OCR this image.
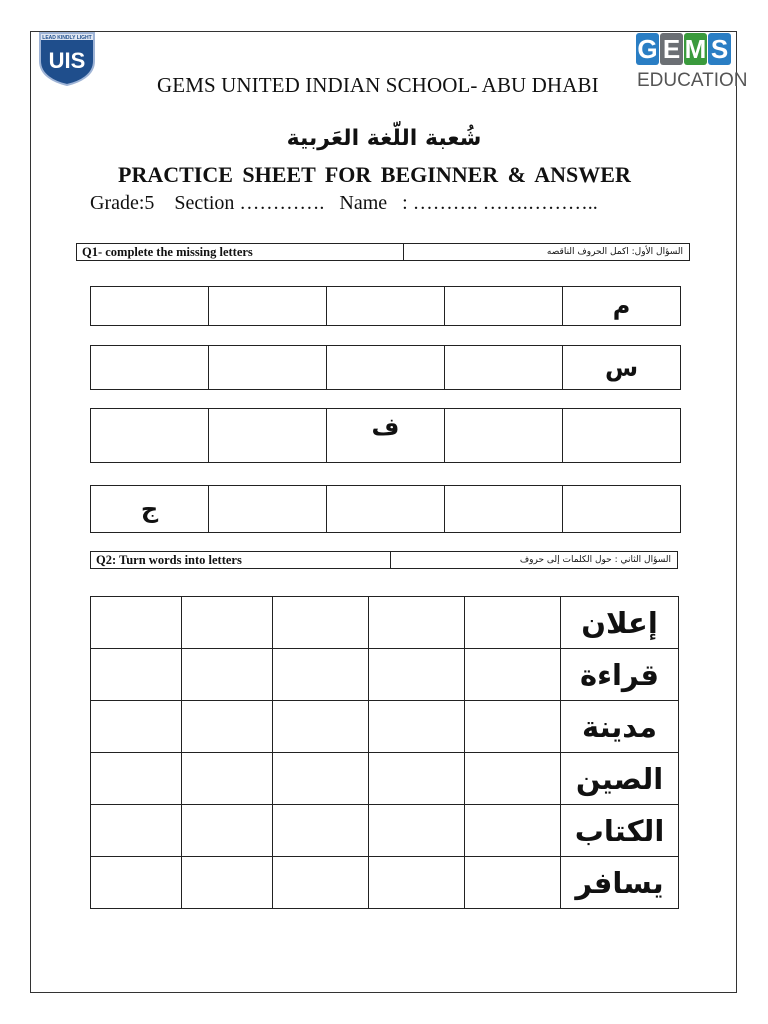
LEAD KINDLY LIGHT
UIS	G E M S
EDUCATION
GEMS UNITED INDIAN SCHOOL- ABU DHABI
شُعبة اللّغة العَربية
PRACTICE SHEET FOR BEGINNER & ANSWER
Grade:5    Section ………….   Name   : ………. …….………..
Q1- complete the missing letters	السؤال الأول: اكمل الحروف الناقصه
				م
				س
		ف		
ج				
Q2: Turn words into letters	السؤال الثاني : حول الكلمات إلى حروف
					إعلان
					قراءة
					مدينة
					الصين
					الكتاب
					يسافر
